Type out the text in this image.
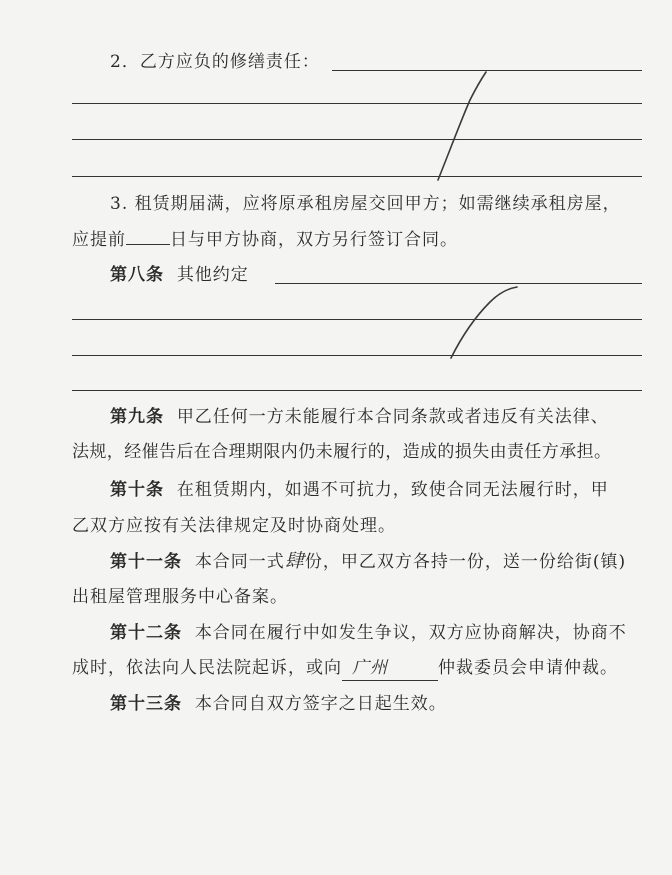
2．乙方应负的修缮责任：
3. 租赁期届满，应将原承租房屋交回甲方；如需继续承租房屋，
应提前	日与甲方协商，双方另行签订合同。
第八条 其他约定
第九条 甲乙任何一方未能履行本合同条款或者违反有关法律、
法规，经催告后在合理期限内仍未履行的，造成的损失由责任方承担。
第十条 在租赁期内，如遇不可抗力，致使合同无法履行时，甲
乙双方应按有关法律规定及时协商处理。
第十一条 本合同一式肆份，甲乙双方各持一份，送一份给街(镇)
出租屋管理服务中心备案。
第十二条 本合同在履行中如发生争议，双方应协商解决，协商不
成时，依法向人民法院起诉，或向 广州	仲裁委员会申请仲裁。
第十三条 本合同自双方签字之日起生效。
